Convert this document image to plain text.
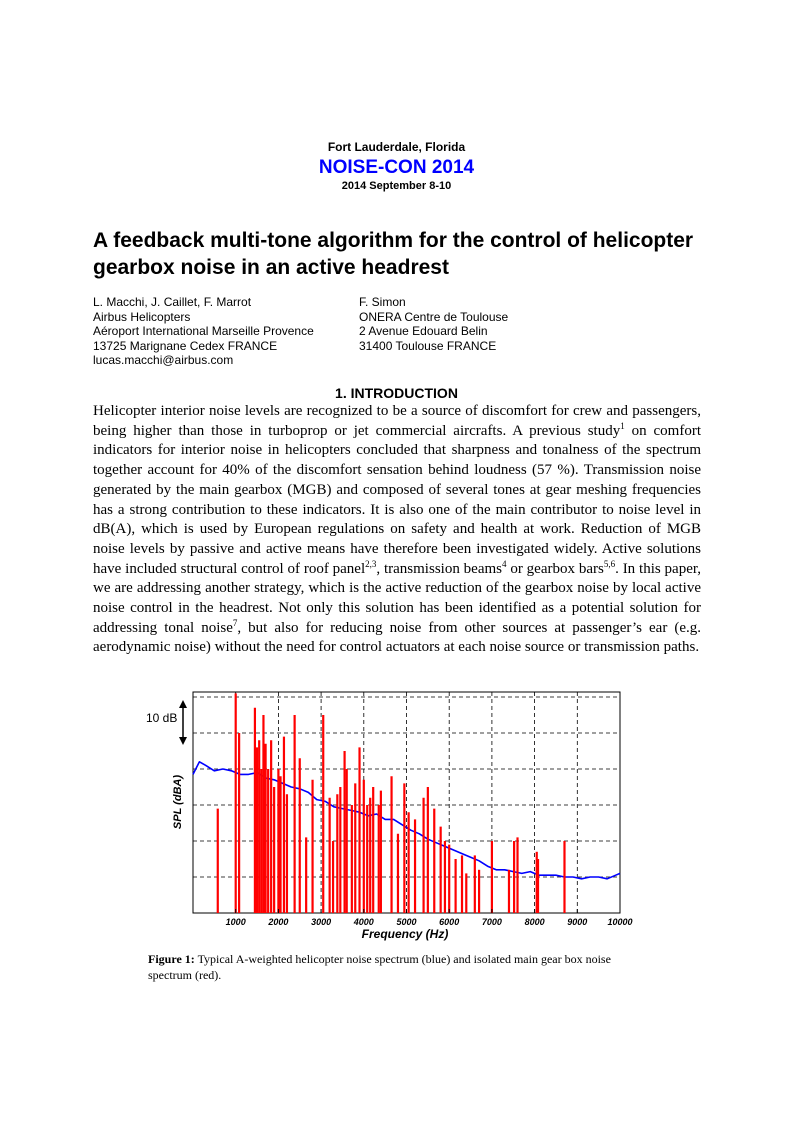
Fort Lauderdale, Florida
NOISE-CON 2014
2014 September 8-10
A feedback multi-tone algorithm for the control of helicopter gearbox noise in an active headrest
L. Macchi, J. Caillet, F. Marrot
Airbus Helicopters
Aéroport International Marseille Provence
13725 Marignane Cedex FRANCE
lucas.macchi@airbus.com
F. Simon
ONERA Centre de Toulouse
2 Avenue Edouard Belin
31400 Toulouse FRANCE
1. INTRODUCTION
Helicopter interior noise levels are recognized to be a source of discomfort for crew and passengers, being higher than those in turboprop or jet commercial aircrafts. A previous study$^1$ on comfort indicators for interior noise in helicopters concluded that sharpness and tonalness of the spectrum together account for 40% of the discomfort sensation behind loudness (57 %). Transmission noise generated by the main gearbox (MGB) and composed of several tones at gear meshing frequencies has a strong contribution to these indicators. It is also one of the main contributor to noise level in dB(A), which is used by European regulations on safety and health at work. Reduction of MGB noise levels by passive and active means have therefore been investigated widely. Active solutions have included structural control of roof panel$^{2,3}$, transmission beams$^4$ or gearbox bars$^{5,6}$. In this paper, we are addressing another strategy, which is the active reduction of the gearbox noise by local active noise control in the headrest. Not only this solution has been identified as a potential solution for addressing tonal noise$^7$, but also for reducing noise from other sources at passenger’s ear (e.g. aerodynamic noise) without the need for control actuators at each noise source or transmission paths.
1000	2000	3000	4000	5000	6000	7000	8000	9000 10000
10 dB
SPL (dBA)
Frequency (Hz)
Figure 1: Typical A-weighted helicopter noise spectrum (blue) and isolated main gear box noise spectrum (red).
